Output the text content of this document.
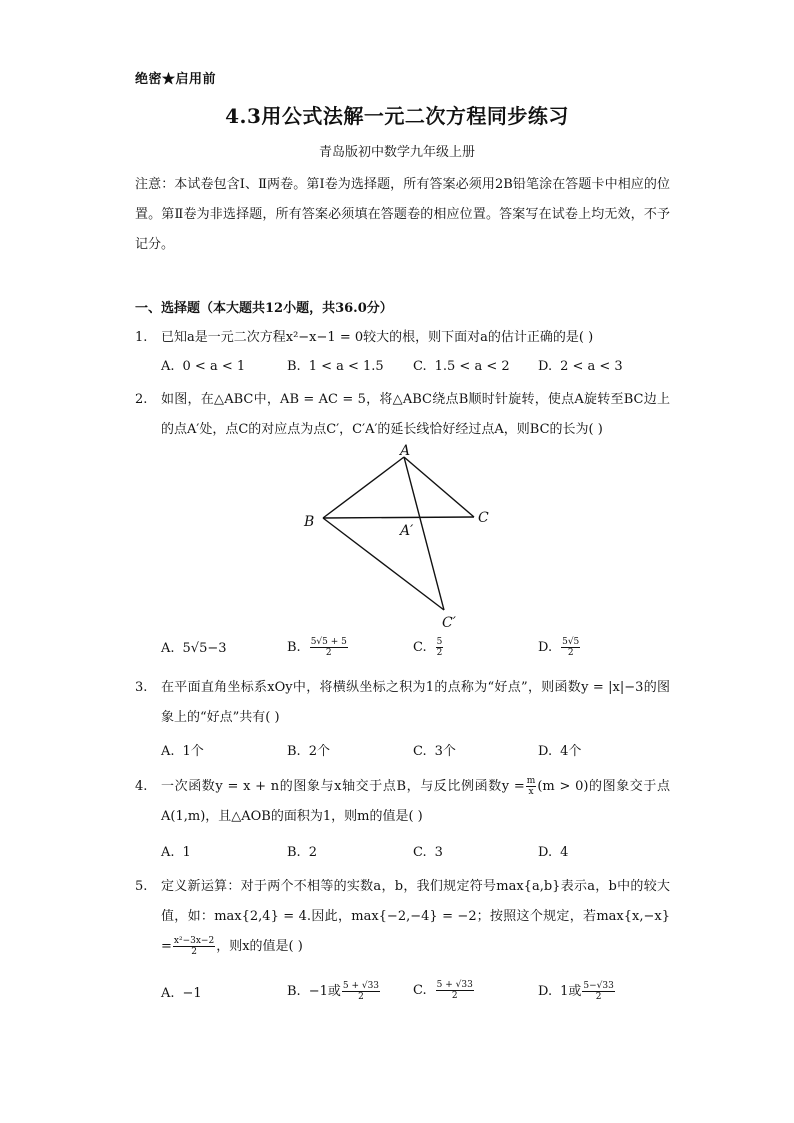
绝密★启用前
4.3用公式法解一元二次方程同步练习
青岛版初中数学九年级上册
注意：本试卷包含Ⅰ、Ⅱ两卷。第Ⅰ卷为选择题，所有答案必须用2B铅笔涂在答题卡中相应的位置。第Ⅱ卷为非选择题，所有答案必须填在答题卷的相应位置。答案写在试卷上均无效，不予记分。
一、选择题（本大题共12小题，共36.0分）
1.	已知a是一元二次方程x²−x−1 = 0较大的根，则下面对a的估计正确的是( )
A. 0 < a < 1	B. 1 < a < 1.5 C. 1.5 < a < 2 D. 2 < a < 3
2.	如图，在△ABC中，AB = AC = 5，将△ABC绕点B顺时针旋转，使点A旋转至BC边上的点A′处，点C的对应点为点C′，C′A′的延长线恰好经过点A，则BC的长为( )
A
B	C
A′
C′
A. 5√5−3	B. $\frac{5√5 + 5}{2}$	C. $\frac{5}{2}$	D. $\frac{5√5}{2}$
3.	在平面直角坐标系xOy中，将横纵坐标之积为1的点称为“好点”，则函数y = |x|−3的图象上的“好点”共有( )
A. 1个	B. 2个	C. 3个	D. 4个
4.	一次函数y = x + n的图象与x轴交于点B，与反比例函数$y = \frac{m}{x} (m > 0)$的图象交于点A(1,m)，且△AOB的面积为1，则m的值是( )
A. 1	B. 2	C. 3	D. 4
5.	定义新运算：对于两个不相等的实数a，b，我们规定符号max{a,b}表示a，b中的较大值，如：max{2,4} = 4.因此，max{−2,−4} = −2；按照这个规定，若$\max\{x,-x\} = \frac{\text{x²−3x−2}}{2}$ ，则x的值是( )
A. −1	B. −1或 $\frac{5 + √33}{2}$	C. $\frac{5 + √33}{2}$	D. 1或 $\frac{5-√33}{2}$
